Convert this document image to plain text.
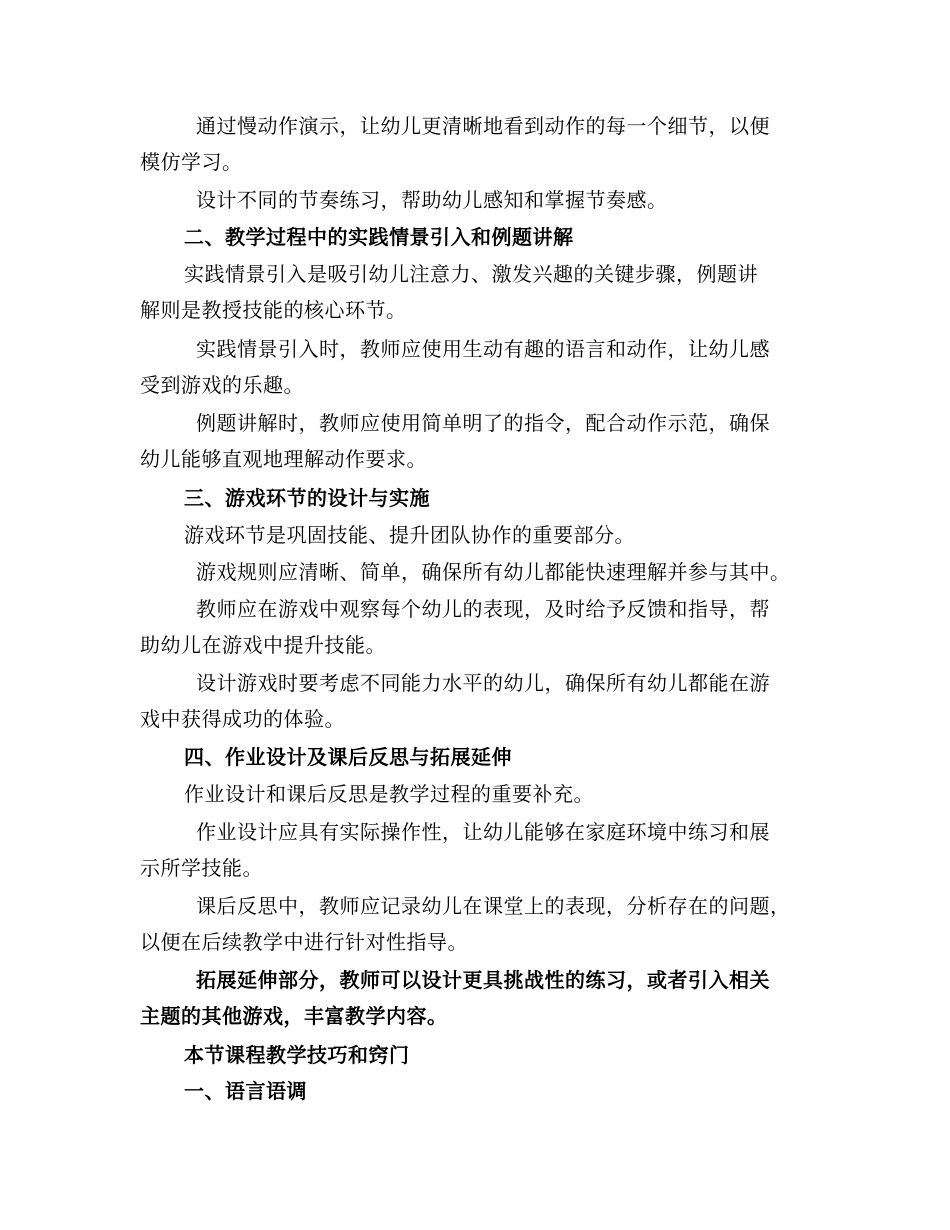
通过慢动作演示，让幼儿更清晰地看到动作的每一个细节，以便
模仿学习。
设计不同的节奏练习，帮助幼儿感知和掌握节奏感。
二、教学过程中的实践情景引入和例题讲解
实践情景引入是吸引幼儿注意力、激发兴趣的关键步骤，例题讲
解则是教授技能的核心环节。
实践情景引入时，教师应使用生动有趣的语言和动作，让幼儿感
受到游戏的乐趣。
例题讲解时，教师应使用简单明了的指令，配合动作示范，确保
幼儿能够直观地理解动作要求。
三、游戏环节的设计与实施
游戏环节是巩固技能、提升团队协作的重要部分。
游戏规则应清晰、简单，确保所有幼儿都能快速理解并参与其中。
教师应在游戏中观察每个幼儿的表现，及时给予反馈和指导，帮
助幼儿在游戏中提升技能。
设计游戏时要考虑不同能力水平的幼儿，确保所有幼儿都能在游
戏中获得成功的体验。
四、作业设计及课后反思与拓展延伸
作业设计和课后反思是教学过程的重要补充。
作业设计应具有实际操作性，让幼儿能够在家庭环境中练习和展
示所学技能。
课后反思中，教师应记录幼儿在课堂上的表现，分析存在的问题，
以便在后续教学中进行针对性指导。
拓展延伸部分，教师可以设计更具挑战性的练习，或者引入相关
主题的其他游戏，丰富教学内容。
本节课程教学技巧和窍门
一、语言语调
